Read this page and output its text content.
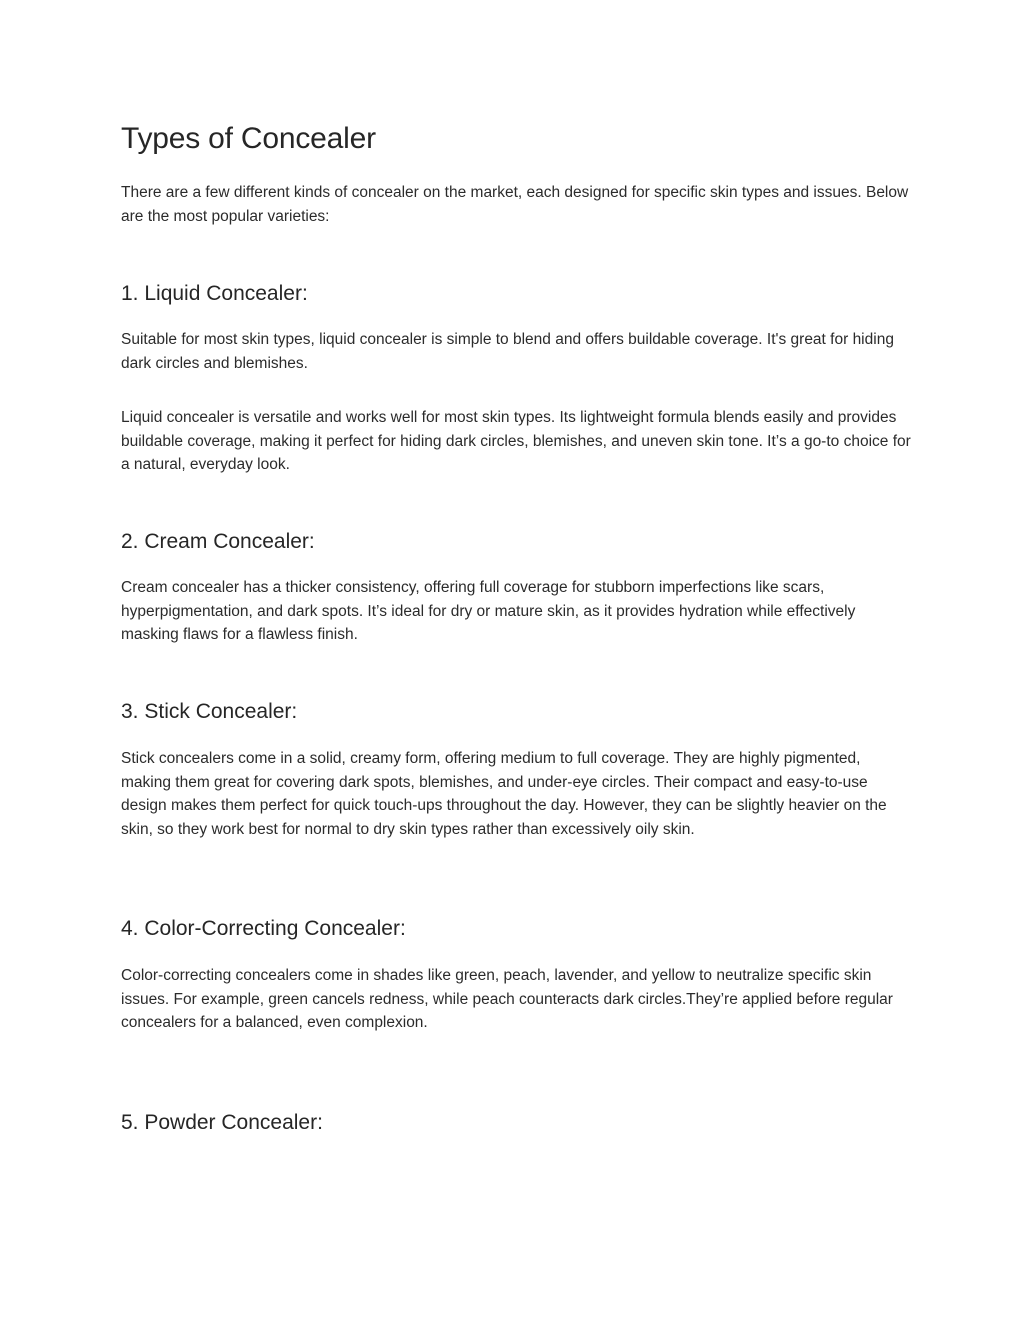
Types of Concealer

There are a few different kinds of concealer on the market, each designed for specific skin types and issues. Below are the most popular varieties:

1. Liquid Concealer:

Suitable for most skin types, liquid concealer is simple to blend and offers buildable coverage. It's great for hiding dark circles and blemishes.

Liquid concealer is versatile and works well for most skin types. Its lightweight formula blends easily and provides buildable coverage, making it perfect for hiding dark circles, blemishes, and uneven skin tone. It’s a go-to choice for a natural, everyday look.

2. Cream Concealer:

Cream concealer has a thicker consistency, offering full coverage for stubborn imperfections like scars, hyperpigmentation, and dark spots. It’s ideal for dry or mature skin, as it provides hydration while effectively masking flaws for a flawless finish.

3. Stick Concealer:

Stick concealers come in a solid, creamy form, offering medium to full coverage. They are highly pigmented, making them great for covering dark spots, blemishes, and under-eye circles. Their compact and easy-to-use design makes them perfect for quick touch-ups throughout the day. However, they can be slightly heavier on the skin, so they work best for normal to dry skin types rather than excessively oily skin.

4. Color-Correcting Concealer:

Color-correcting concealers come in shades like green, peach, lavender, and yellow to neutralize specific skin issues. For example, green cancels redness, while peach counteracts dark circles.They’re applied before regular concealers for a balanced, even complexion.

5. Powder Concealer:
